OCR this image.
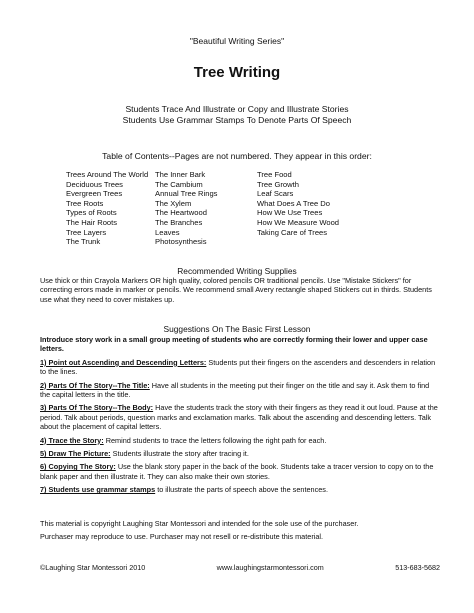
"Beautiful Writing Series"
Tree Writing
Students Trace And Illustrate or Copy and Illustrate Stories
Students Use Grammar Stamps To Denote Parts Of Speech
Table of Contents--Pages are not numbered. They appear in this order:
Trees Around The World
Deciduous Trees
Evergreen Trees
Tree Roots
Types of Roots
The Hair Roots
Tree Layers
The Trunk
The Inner Bark
The Cambium
Annual Tree Rings
The Xylem
The Heartwood
The Branches
Leaves
Photosynthesis
Tree Food
Tree Growth
Leaf Scars
What Does A Tree Do
How We Use Trees
How We Measure Wood
Taking Care of Trees
Recommended Writing Supplies
Use thick or thin Crayola Markers OR high quality, colored pencils OR traditional pencils. Use "Mistake Stickers" for correcting errors made in marker or pencils. We recommend small Avery rectangle shaped Stickers cut in thirds. Students use what they need to cover mistakes up.
Suggestions On The Basic First Lesson

Introduce story work in a small group meeting of students who are correctly forming their lower and upper case letters.

1) Point out Ascending and Descending Letters: Students put their fingers on the ascenders and descenders in relation to the lines.

2) Parts Of The Story--The Title: Have all students in the meeting put their finger on the title and say it. Ask them to find the capital letters in the title.

3) Parts Of The Story--The Body: Have the students track the story with their fingers as they read it out loud. Pause at the period. Talk about periods, question marks and exclamation marks. Talk about the ascending and descending letters. Talk about the placement of capital letters.

4) Trace the Story: Remind students to trace the letters following the right path for each.

5) Draw The Picture: Students illustrate the story after tracing it.

6) Copying The Story: Use the blank story paper in the back of the book. Students take a tracer version to copy on to the blank paper and then illustrate it. They can also make their own stories.

7) Students use grammar stamps to illustrate the parts of speech above the sentences.

This material is copyright Laughing Star Montessori and intended for the sole use of the purchaser.
Purchaser may reproduce to use. Purchaser may not resell or re-distribute this material.
©Laughing Star Montessori 2010	www.laughingstarmontessori.com	513-683-5682
